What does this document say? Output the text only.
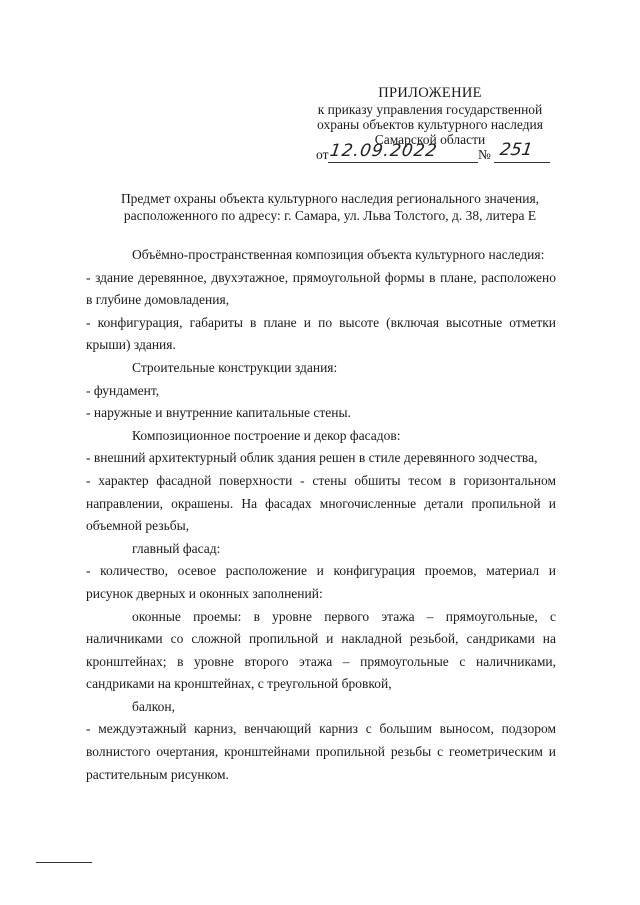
ПРИЛОЖЕНИЕ
к приказу управления государственной
охраны объектов культурного наследия
Самарской области
от 12.09.2022	№ 251
Предмет охраны объекта культурного наследия регионального значения,
расположенного по адресу: г. Самара, ул. Льва Толстого, д. 38, литера Е

Объёмно-пространственная композиция объекта культурного наследия:

- здание деревянное, двухэтажное, прямоугольной формы в плане, расположено в глубине домовладения,

- конфигурация, габариты в плане и по высоте (включая высотные отметки крыши) здания.

Строительные конструкции здания:

- фундамент,

- наружные и внутренние капитальные стены.

Композиционное построение и декор фасадов:

- внешний архитектурный облик здания решен в стиле деревянного зодчества,

- характер фасадной поверхности - стены обшиты тесом в горизонтальном направлении, окрашены. На фасадах многочисленные детали пропильной и объемной резьбы,

главный фасад:

- количество, осевое расположение и конфигурация проемов, материал и рисунок дверных и оконных заполнений:

оконные проемы: в уровне первого этажа – прямоугольные, с наличниками со сложной пропильной и накладной резьбой, сандриками на кронштейнах; в уровне второго этажа – прямоугольные с наличниками, сандриками на кронштейнах, с треугольной бровкой,

балкон,

- междуэтажный карниз, венчающий карниз с большим выносом, подзором волнистого очертания, кронштейнами пропильной резьбы с геометрическим и растительным рисунком.
